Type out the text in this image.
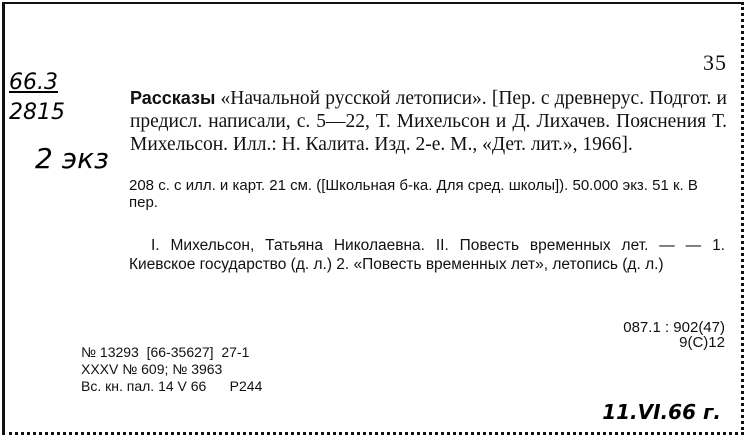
35
66.3
2815
2 экз
Рассказы «Начальной русской летописи». [Пер. с древнерус. Подгот. и предисл. написали, с. 5—22, Т. Михельсон и Д. Лихачев. Пояснения Т. Михельсон. Илл.: Н. Калита. Изд. 2-е. М., «Дет. лит.», 1966].
208 с. с илл. и карт. 21 см. ([Школьная б-ка. Для сред. школы]). 50.000 экз. 51 к. В пер.
I. Михельсон, Татьяна Николаевна. II. Повесть временных лет. — — 1. Киевское государство (д. л.) 2. «Повесть временных лет», летопись (д. л.)
087.1 : 902(47)
9(С)12
№ 13293  [66-35627]  27-1
XXXV № 609; № 3963
Вс. кн. пал. 14 V 66      Р244
11.VI.66 г.
